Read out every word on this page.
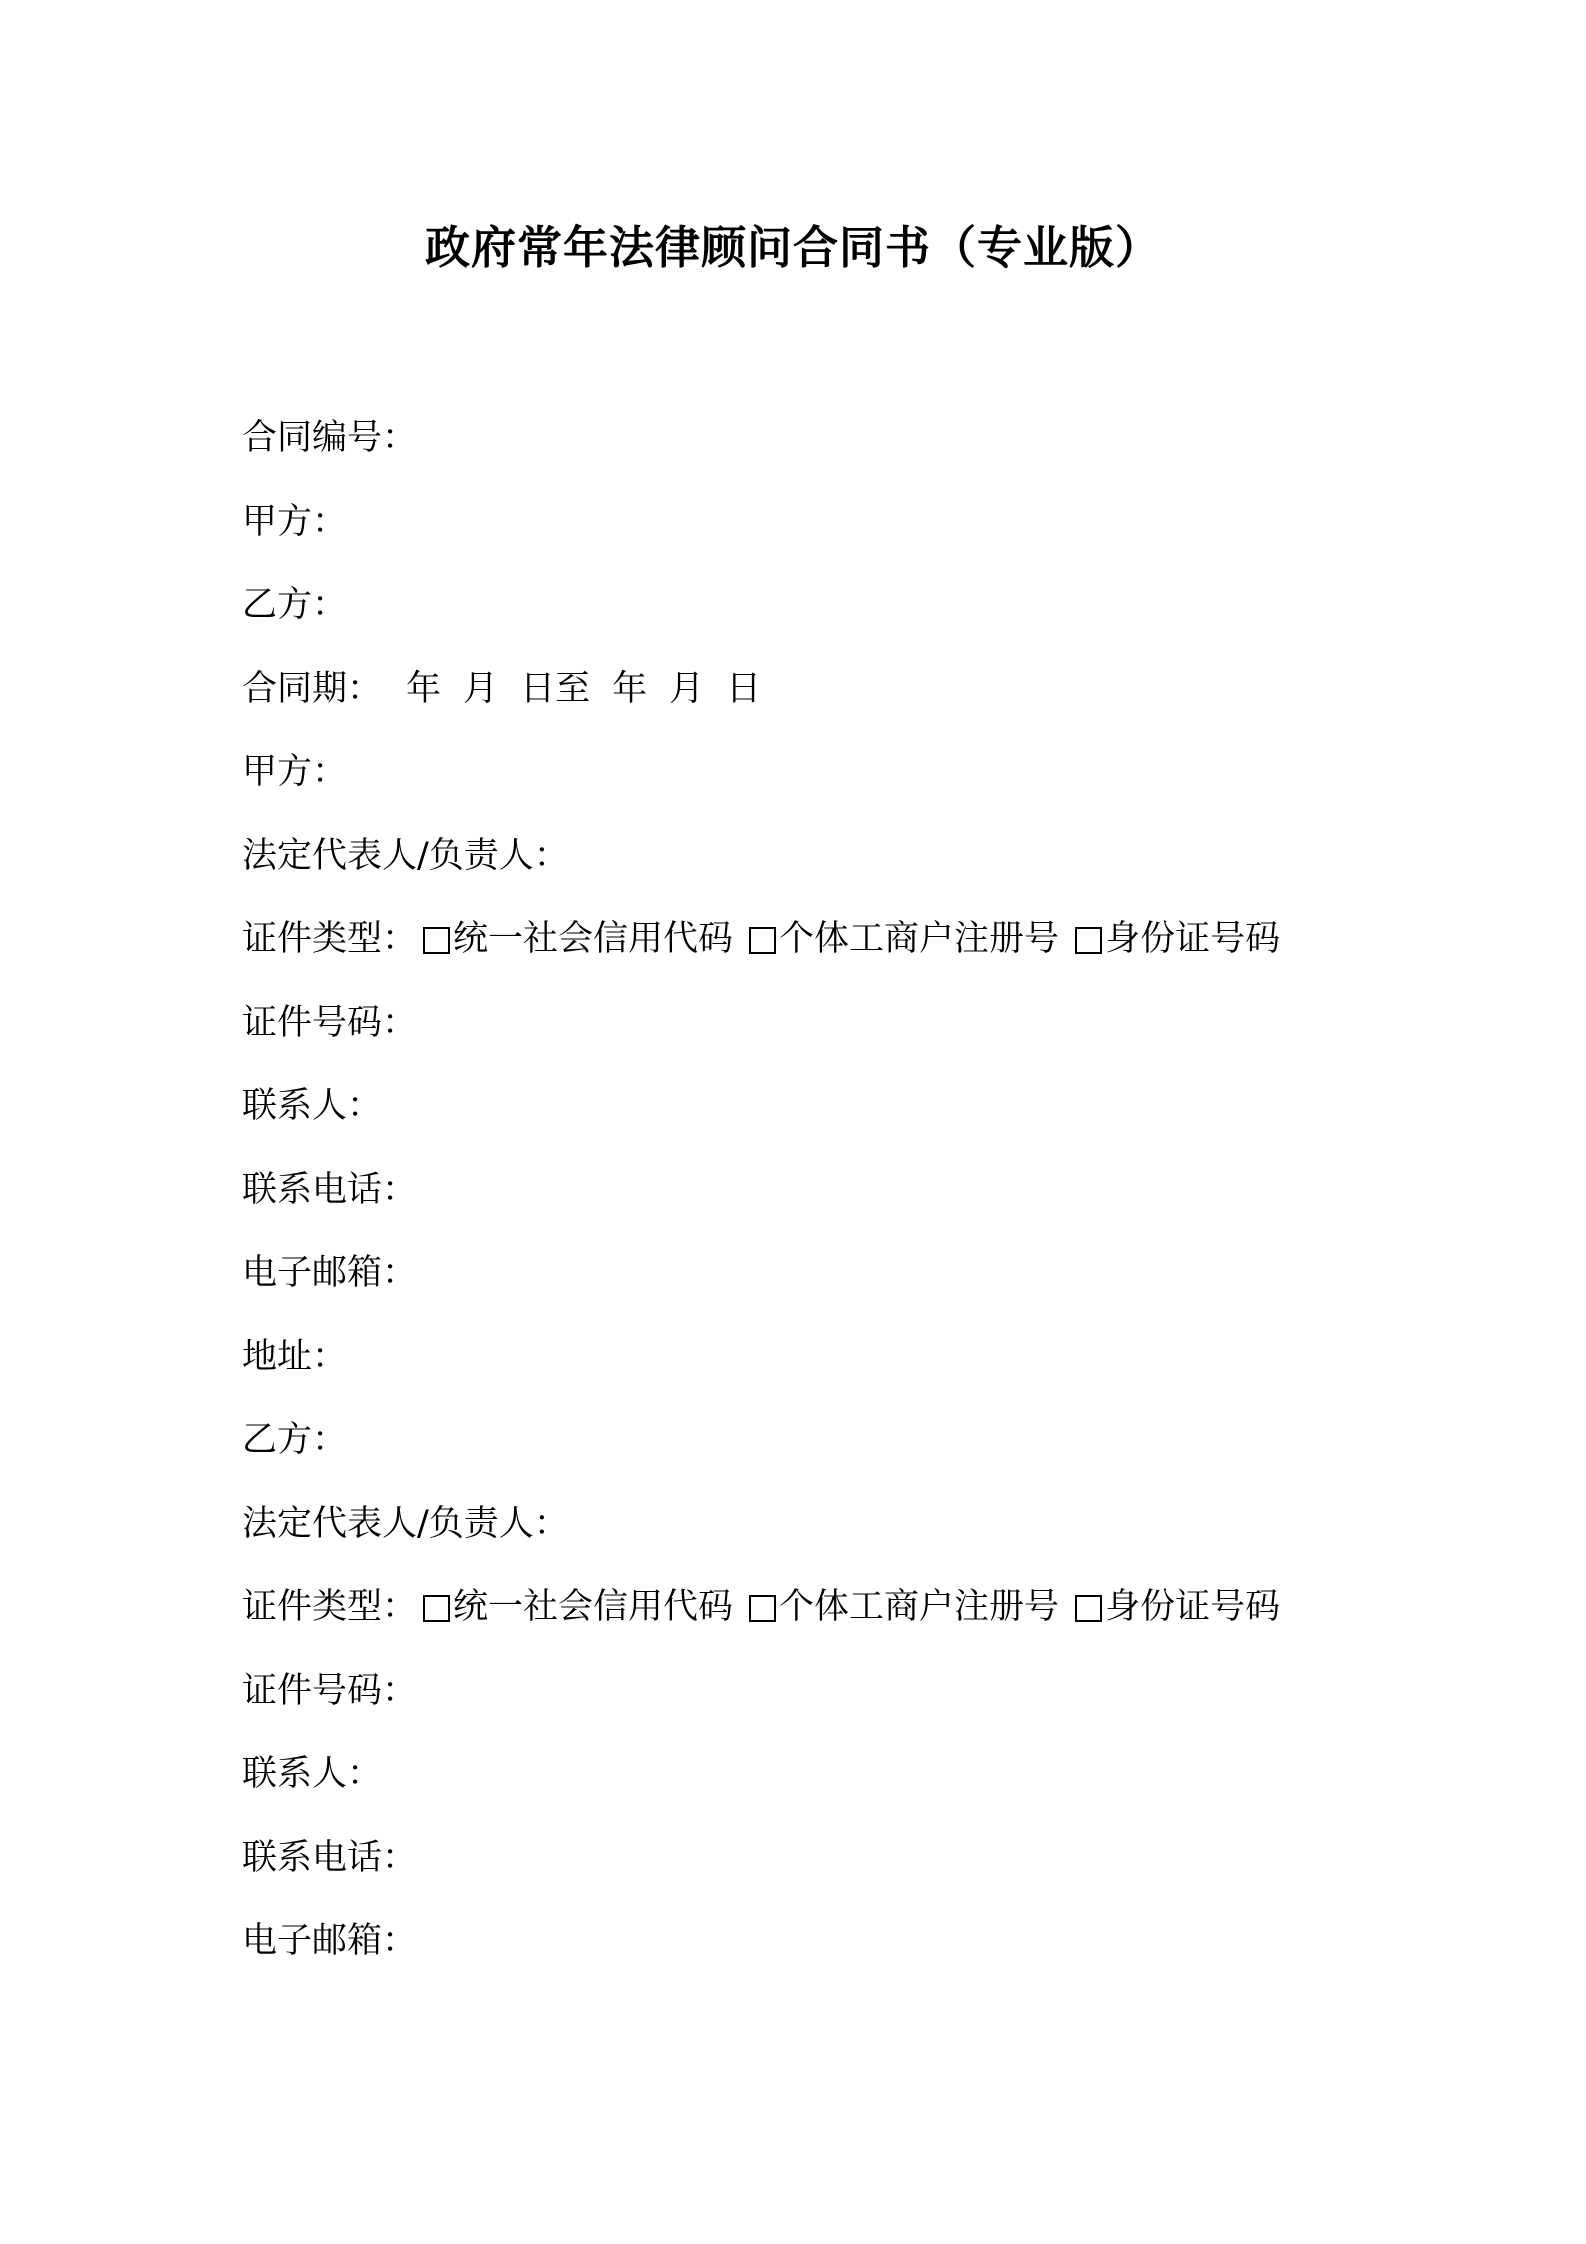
政府常年法律顾问合同书（专业版）
合同编号 ：
甲方 ：
乙方 ：
合同期 ： 年 月 日至 年 月 日
甲方 ：
法定代表人/负责人 ：
证件类型 ： 统一社会信用代码 个体工商户注册号 身份证号码
证件号码 ：
联系人 ：
联系电话 ：
电子邮箱 ：
地址 ：
乙方 ：
法定代表人/负责人 ：
证件类型 ： 统一社会信用代码 个体工商户注册号 身份证号码
证件号码 ：
联系人 ：
联系电话 ：
电子邮箱 ：
